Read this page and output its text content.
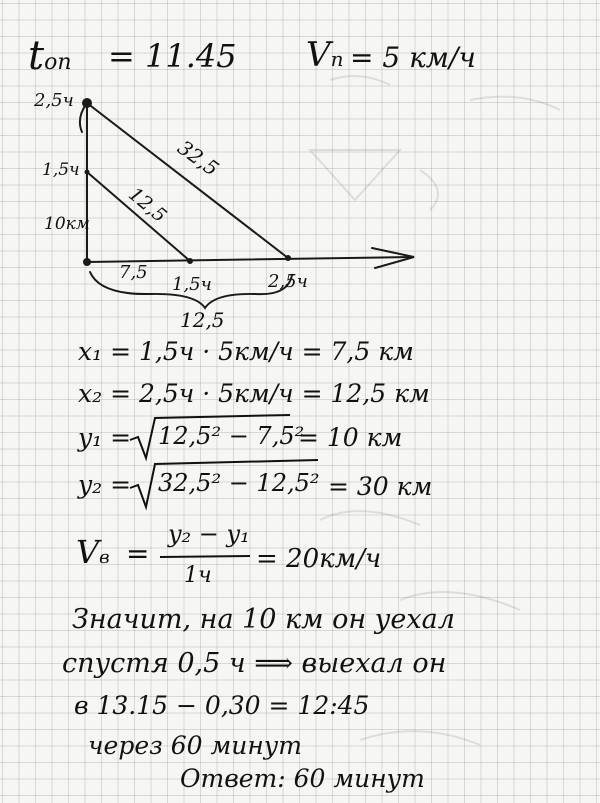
ton = 11.45 Vn = 5 км/ч
2,5ч
1,5ч
10км
32,5
12,5
7,5
1,5ч	2,5ч
12,5
x₁ = 1,5ч · 5км/ч = 7,5 км
x₂ = 2,5ч · 5км/ч = 12,5 км
y₁ = 12,5² − 7,5²
= 10 км
y₂ = 32,5² − 12,5² = 30 км
Vв =
y₂ − y₁
1ч
= 20км/ч
Значит, на 10 км он уехал
спустя 0,5 ч ⟹ выехал он
в 13.15 − 0,30 = 12:45
через 60 минут
Ответ: 60 минут
